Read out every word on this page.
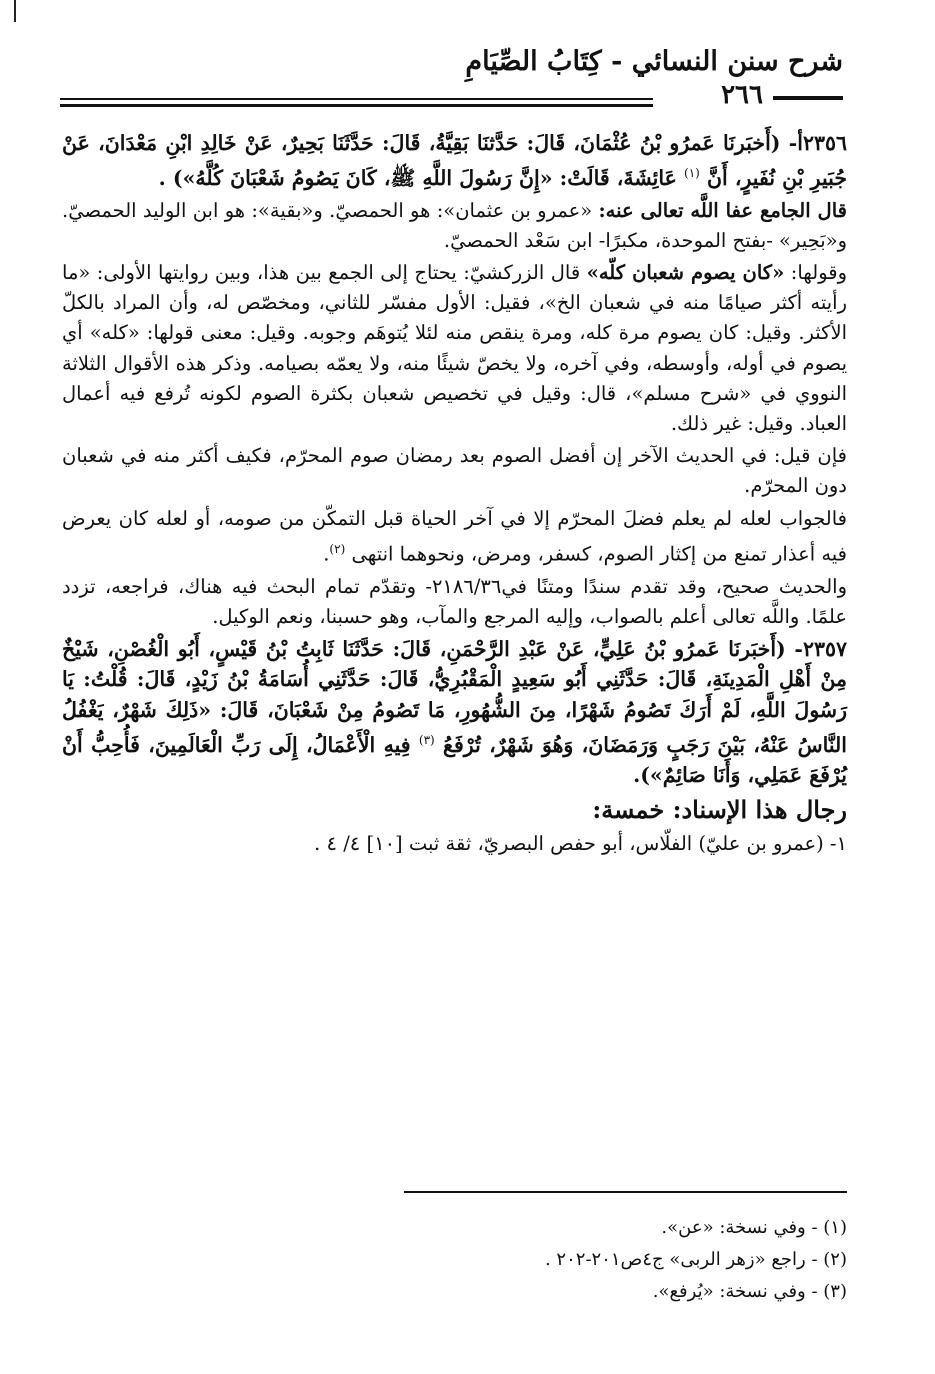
شرح سنن النسائي - كِتَابُ الصِّيَامِ
٢٦٦

٢٣٥٦أ- (أَخبَرنَا عَمرُو بْنُ عُثْمَانَ، قَالَ: حَدَّثنَا بَقِيَّةُ، قَالَ: حَدَّثَنَا بَحِيرٌ، عَنْ خَالِدِ ابْنِ مَعْدَانَ، عَنْ جُبَيرِ بْنِ نُفَيرٍ، أَنَّ $^{(١)}$ عَائِشَةَ، قَالَتْ: «إِنَّ رَسُولَ اللَّهِ ﷺ، كَانَ يَصُومُ شَعْبَانَ كُلَّهُ») .

قال الجامع عفا اللَّه تعالى عنه: «عمرو بن عثمان»: هو الحمصيّ. و«بقية»: هو ابن الوليد الحمصيّ. و«بَحِير» -بفتح الموحدة، مكبرًا- ابن سَعْد الحمصيّ.

وقولها: «كان يصوم شعبان كلّه» قال الزركشيّ: يحتاج إلى الجمع بين هذا، وبين روايتها الأولى: «ما رأيته أكثر صيامًا منه في شعبان الخ»، فقيل: الأول مفسّر للثاني، ومخصّص له، وأن المراد بالكلّ الأكثر. وقيل: كان يصوم مرة كله، ومرة ينقص منه لئلا يُتوهَم وجوبه. وقيل: معنى قولها: «كله» أي يصوم في أوله، وأوسطه، وفي آخره، ولا يخصّ شيئًا منه، ولا يعمّه بصيامه. وذكر هذه الأقوال الثلاثة النووي في «شرح مسلم»، قال: وقيل في تخصيص شعبان بكثرة الصوم لكونه تُرفع فيه أعمال العباد. وقيل: غير ذلك.

فإن قيل: في الحديث الآخر إن أفضل الصوم بعد رمضان صوم المحرّم، فكيف أكثر منه في شعبان دون المحرّم.

فالجواب لعله لم يعلم فضلَ المحرّم إلا في آخر الحياة قبل التمكّن من صومه، أو لعله كان يعرض فيه أعذار تمنع من إكثار الصوم، كسفر، ومرض، ونحوهما انتهى $^{(٢)}$.

والحديث صحيح، وقد تقدم سندًا ومتنًا في٢١٨٦/٣٦- وتقدّم تمام البحث فيه هناك، فراجعه، تزدد علمًا. واللَّه تعالى أعلم بالصواب، وإليه المرجع والمآب، وهو حسبنا، ونعم الوكيل.

٢٣٥٧- (أَخبَرنَا عَمرُو بْنُ عَلِيٍّ، عَنْ عَبْدِ الرَّحْمَنِ، قَالَ: حَدَّثَنَا ثَابِتُ بْنُ قَيْسٍ، أَبُو الْغُصْنِ، شَيْخٌ مِنْ أَهْلِ الْمَدِينَةِ، قَالَ: حَدَّثَنِي أَبُو سَعِيدٍ الْمَقْبُرِيُّ، قَالَ: حَدَّثَنِي أُسَامَةُ بْنُ زَيْدٍ، قَالَ: قُلْتُ: يَا رَسُولَ اللَّهِ، لَمْ أَرَكَ تَصُومُ شَهْرًا، مِنَ الشُّهُورِ، مَا تَصُومُ مِنْ شَعْبَانَ، قَالَ: «ذَلِكَ شَهْرٌ، يَغْفُلُ النَّاسُ عَنْهُ، بَيْنَ رَجَبٍ وَرَمَضَانَ، وَهُوَ شَهْرٌ، تُرْفَعُ $^{(٣)}$ فِيهِ الْأَعْمَالُ، إِلَى رَبِّ الْعَالَمِينَ، فَأُحِبُّ أَنْ يُرْفَعَ عَمَلِي، وَأَنَا صَائِمٌ»).

رجال هذا الإسناد: خمسة:

١- (عمرو بن عليّ) الفلّاس، أبو حفص البصريّ، ثقة ثبت [١٠] ٤/ ٤ .

(١) - وفي نسخة: «عن».
(٢) - راجع «زهر الربى» ج٤ص٢٠١-٢٠٢ .
(٣) - وفي نسخة: «يُرفع».
